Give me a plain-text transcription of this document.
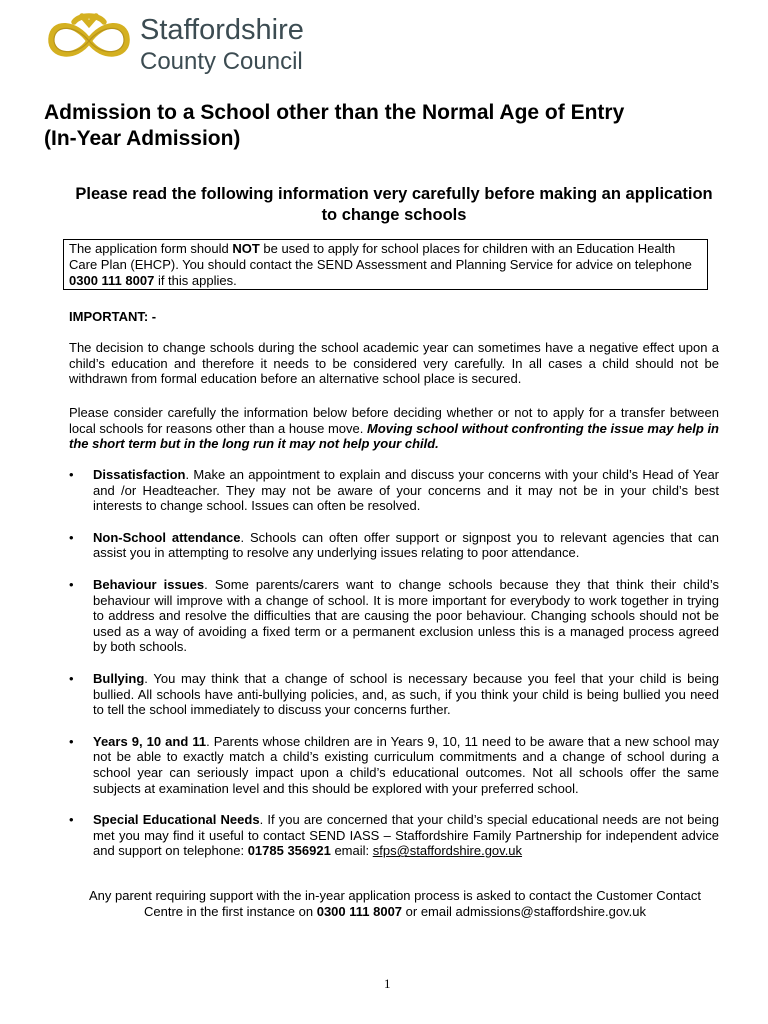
Staffordshire
County Council
Admission to a School other than the Normal Age of Entry
(In-Year Admission)
Please read the following information very carefully before making an application to change schools
The application form should NOT be used to apply for school places for children with an Education Health Care Plan (EHCP). You should contact the SEND Assessment and Planning Service for advice on telephone 0300 111 8007 if this applies.

IMPORTANT: -

The decision to change schools during the school academic year can sometimes have a negative effect upon a child’s education and therefore it needs to be considered very carefully. In all cases a child should not be withdrawn from formal education before an alternative school place is secured.

Please consider carefully the information below before deciding whether or not to apply for a transfer between local schools for reasons other than a house move. Moving school without confronting the issue may help in the short term but in the long run it may not help your child.

• Dissatisfaction. Make an appointment to explain and discuss your concerns with your child’s Head of Year and /or Headteacher. They may not be aware of your concerns and it may not be in your child’s best interests to change school. Issues can often be resolved.
• Non-School attendance. Schools can often offer support or signpost you to relevant agencies that can assist you in attempting to resolve any underlying issues relating to poor attendance.
• Behaviour issues. Some parents/carers want to change schools because they that think their child’s behaviour will improve with a change of school. It is more important for everybody to work together in trying to address and resolve the difficulties that are causing the poor behaviour. Changing schools should not be used as a way of avoiding a fixed term or a permanent exclusion unless this is a managed process agreed by both schools.
• Bullying. You may think that a change of school is necessary because you feel that your child is being bullied. All schools have anti-bullying policies, and, as such, if you think your child is being bullied you need to tell the school immediately to discuss your concerns further.
• Years 9, 10 and 11. Parents whose children are in Years 9, 10, 11 need to be aware that a new school may not be able to exactly match a child’s existing curriculum commitments and a change of school during a school year can seriously impact upon a child’s educational outcomes. Not all schools offer the same subjects at examination level and this should be explored with your preferred school.
• Special Educational Needs. If you are concerned that your child’s special educational needs are not being met you may find it useful to contact SEND IASS – Staffordshire Family Partnership for independent advice and support on telephone: 01785 356921 email: sfps@staffordshire.gov.uk

Any parent requiring support with the in-year application process is asked to contact the Customer Contact Centre in the first instance on 0300 111 8007 or email admissions@staffordshire.gov.uk

1
